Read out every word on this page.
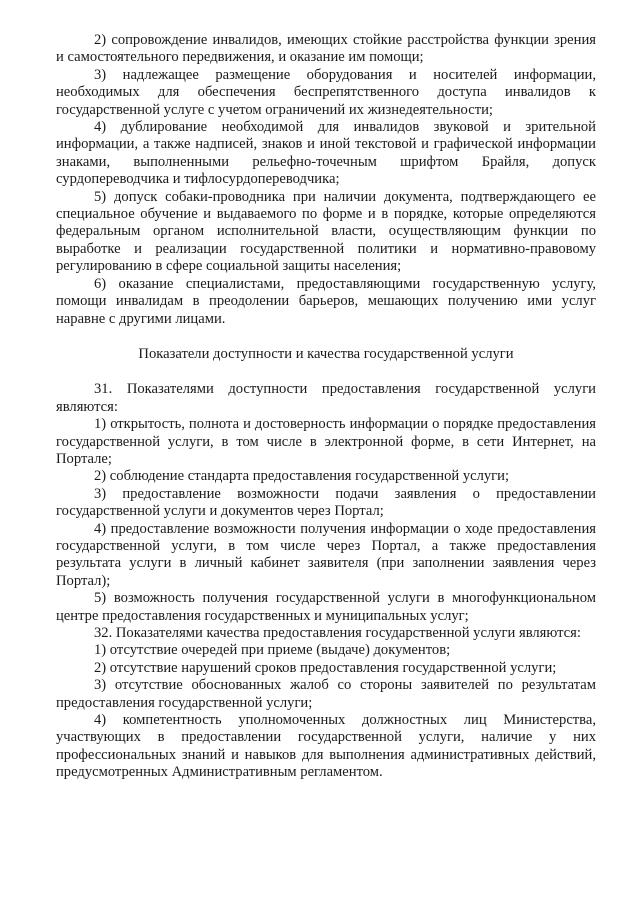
2) сопровождение инвалидов, имеющих стойкие расстройства функции зрения и самостоятельного передвижения, и оказание им помощи;

3) надлежащее размещение оборудования и носителей информации, необходимых для обеспечения беспрепятственного доступа инвалидов к государственной услуге с учетом ограничений их жизнедеятельности;

4) дублирование необходимой для инвалидов звуковой и зрительной информации, а также надписей, знаков и иной текстовой и графической информации знаками, выполненными рельефно-точечным шрифтом Брайля, допуск сурдопереводчика и тифлосурдопереводчика;

5) допуск собаки-проводника при наличии документа, подтверждающего ее специальное обучение и выдаваемого по форме и в порядке, которые определяются федеральным органом исполнительной власти, осуществляющим функции по выработке и реализации государственной политики и нормативно-правовому регулированию в сфере социальной защиты населения;

6) оказание специалистами, предоставляющими государственную услугу, помощи инвалидам в преодолении барьеров, мешающих получению ими услуг наравне с другими лицами.

Показатели доступности и качества государственной услуги

31. Показателями доступности предоставления государственной услуги являются:

1) открытость, полнота и достоверность информации о порядке предоставления государственной услуги, в том числе в электронной форме, в сети Интернет, на Портале;

2) соблюдение стандарта предоставления государственной услуги;

3) предоставление возможности подачи заявления о предоставлении государственной услуги и документов через Портал;

4) предоставление возможности получения информации о ходе предоставления государственной услуги, в том числе через Портал, а также предоставления результата услуги в личный кабинет заявителя (при заполнении заявления через Портал);

5) возможность получения государственной услуги в многофункциональном центре предоставления государственных и муниципальных услуг;

32. Показателями качества предоставления государственной услуги являются:

1) отсутствие очередей при приеме (выдаче) документов;

2) отсутствие нарушений сроков предоставления государственной услуги;

3) отсутствие обоснованных жалоб со стороны заявителей по результатам предоставления государственной услуги;

4) компетентность уполномоченных должностных лиц Министерства, участвующих в предоставлении государственной услуги, наличие у них профессиональных знаний и навыков для выполнения административных действий, предусмотренных Административным регламентом.
